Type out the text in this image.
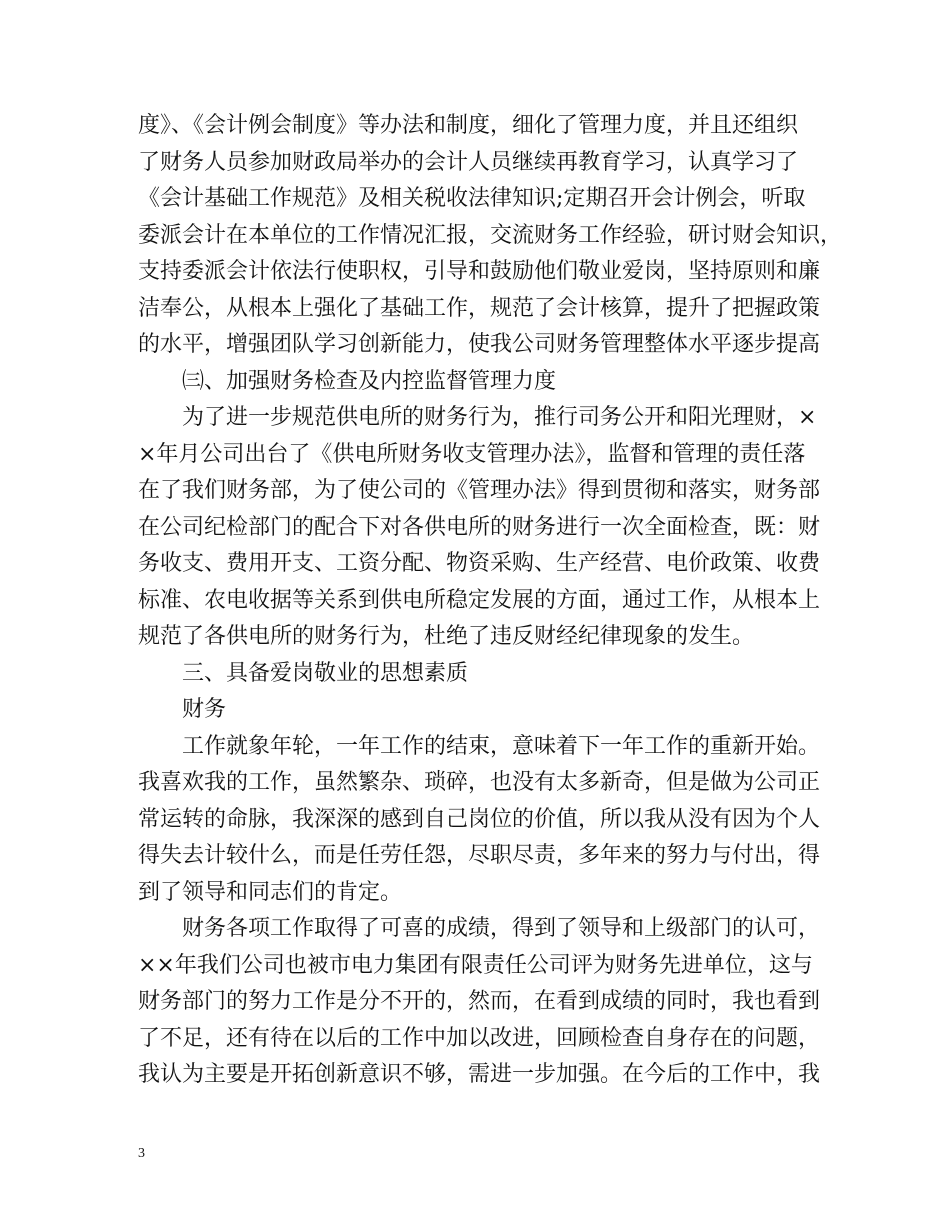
度》、《会计例会制度》等办法和制度，细化了管理力度，并且还组织
了财务人员参加财政局举办的会计人员继续再教育学习，认真学习了
《会计基础工作规范》及相关税收法律知识;定期召开会计例会，听取
委派会计在本单位的工作情况汇报，交流财务工作经验，研讨财会知识，
支持委派会计依法行使职权，引导和鼓励他们敬业爱岗，坚持原则和廉
洁奉公，从根本上强化了基础工作，规范了会计核算，提升了把握政策
的水平，增强团队学习创新能力，使我公司财务管理整体水平逐步提高
㈢、加强财务检查及内控监督管理力度
为了进一步规范供电所的财务行为，推行司务公开和阳光理财，×
×年月公司出台了《供电所财务收支管理办法》，监督和管理的责任落
在了我们财务部，为了使公司的《管理办法》得到贯彻和落实，财务部
在公司纪检部门的配合下对各供电所的财务进行一次全面检查，既：财
务收支、费用开支、工资分配、物资采购、生产经营、电价政策、收费
标准、农电收据等关系到供电所稳定发展的方面，通过工作，从根本上
规范了各供电所的财务行为，杜绝了违反财经纪律现象的发生。
三、具备爱岗敬业的思想素质
财务
工作就象年轮，一年工作的结束，意味着下一年工作的重新开始。
我喜欢我的工作，虽然繁杂、琐碎，也没有太多新奇，但是做为公司正
常运转的命脉，我深深的感到自己岗位的价值，所以我从没有因为个人
得失去计较什么，而是任劳任怨，尽职尽责，多年来的努力与付出，得
到了领导和同志们的肯定。
财务各项工作取得了可喜的成绩，得到了领导和上级部门的认可，
××年我们公司也被市电力集团有限责任公司评为财务先进单位，这与
财务部门的努力工作是分不开的，然而，在看到成绩的同时，我也看到
了不足，还有待在以后的工作中加以改进，回顾检查自身存在的问题，
我认为主要是开拓创新意识不够，需进一步加强。在今后的工作中，我
3
